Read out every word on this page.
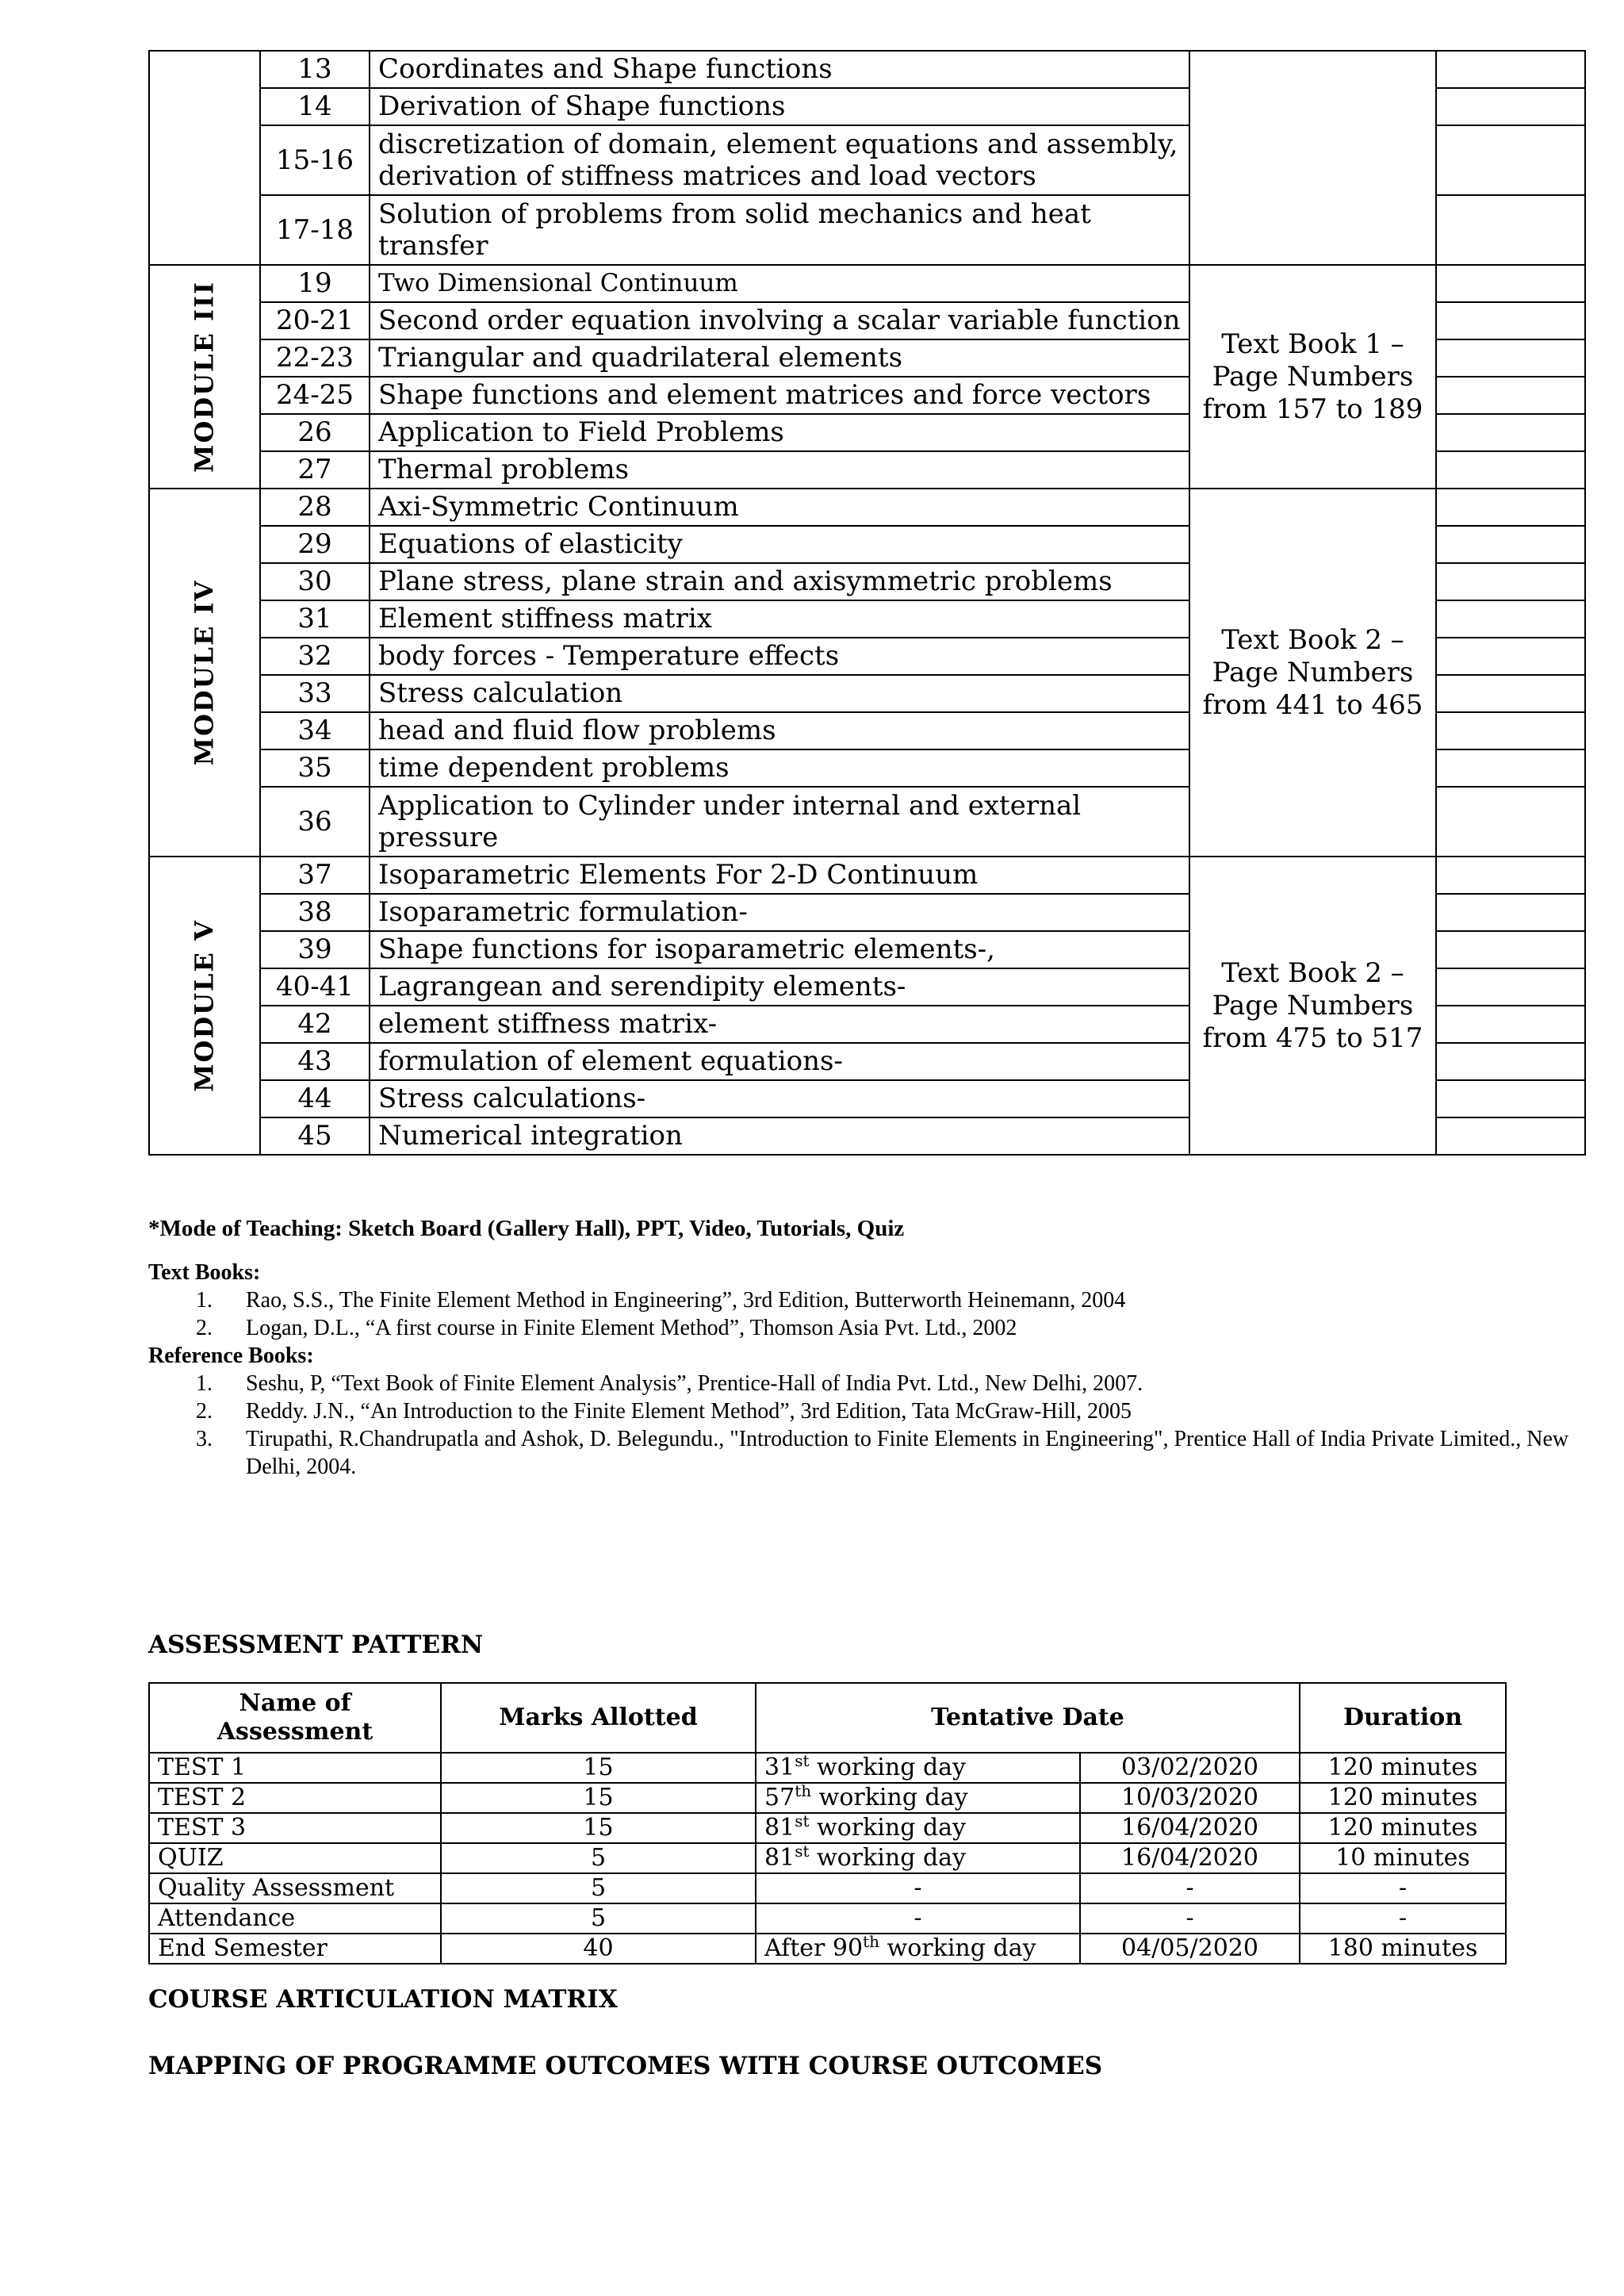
	13	Coordinates and Shape functions		
	14	Derivation of Shape functions		
	15-16	discretization of domain, element equations and assembly, derivation of stiffness matrices and load vectors		
	17-18	Solution of problems from solid mechanics and heat transfer		

MODULE III	19	Two Dimensional Continuum	Text Book 1 – Page Numbers from 157 to 189	
	20-21	Second order equation involving a scalar variable function		
	22-23	Triangular and quadrilateral elements		
	24-25	Shape functions and element matrices and force vectors		
	26	Application to Field Problems		
	27	Thermal problems		

MODULE IV	28	Axi-Symmetric Continuum	Text Book 2 – Page Numbers from 441 to 465	
	29	Equations of elasticity		
	30	Plane stress, plane strain and axisymmetric problems		
	31	Element stiffness matrix		
	32	body forces - Temperature effects		
	33	Stress calculation		
	34	head and fluid flow problems		
	35	time dependent problems		
	36	Application to Cylinder under internal and external pressure		

MODULE V	37	Isoparametric Elements For 2-D Continuum	Text Book 2 – Page Numbers from 475 to 517	
	38	Isoparametric formulation-		
	39	Shape functions for isoparametric elements-,		
	40-41	Lagrangean and serendipity elements-		
	42	element stiffness matrix-		
	43	formulation of element equations-		
	44	Stress calculations-		
	45	Numerical integration		
*Mode of Teaching: Sketch Board (Gallery Hall), PPT, Video, Tutorials, Quiz
Text Books:
1. Rao, S.S., The Finite Element Method in Engineering”, 3rd Edition, Butterworth Heinemann, 2004
2. Logan, D.L., “A first course in Finite Element Method”, Thomson Asia Pvt. Ltd., 2002
Reference Books:
1. Seshu, P, “Text Book of Finite Element Analysis”, Prentice-Hall of India Pvt. Ltd., New Delhi, 2007.
2. Reddy. J.N., “An Introduction to the Finite Element Method”, 3rd Edition, Tata McGraw-Hill, 2005
3. Tirupathi, R.Chandrupatla and Ashok, D. Belegundu., "Introduction to Finite Elements in Engineering", Prentice Hall of India Private Limited., New Delhi, 2004.
ASSESSMENT PATTERN
Name of Assessment	Marks Allotted	Tentative Date		Duration
TEST 1	15	31st working day	03/02/2020	120 minutes
TEST 2	15	57th working day	10/03/2020	120 minutes
TEST 3	15	81st working day	16/04/2020	120 minutes
QUIZ	5	81st working day	16/04/2020	10 minutes
Quality Assessment	5	-	-	-
Attendance	5	-	-	-
End Semester	40	After 90th working day	04/05/2020	180 minutes
COURSE ARTICULATION MATRIX
MAPPING OF PROGRAMME OUTCOMES WITH COURSE OUTCOMES
